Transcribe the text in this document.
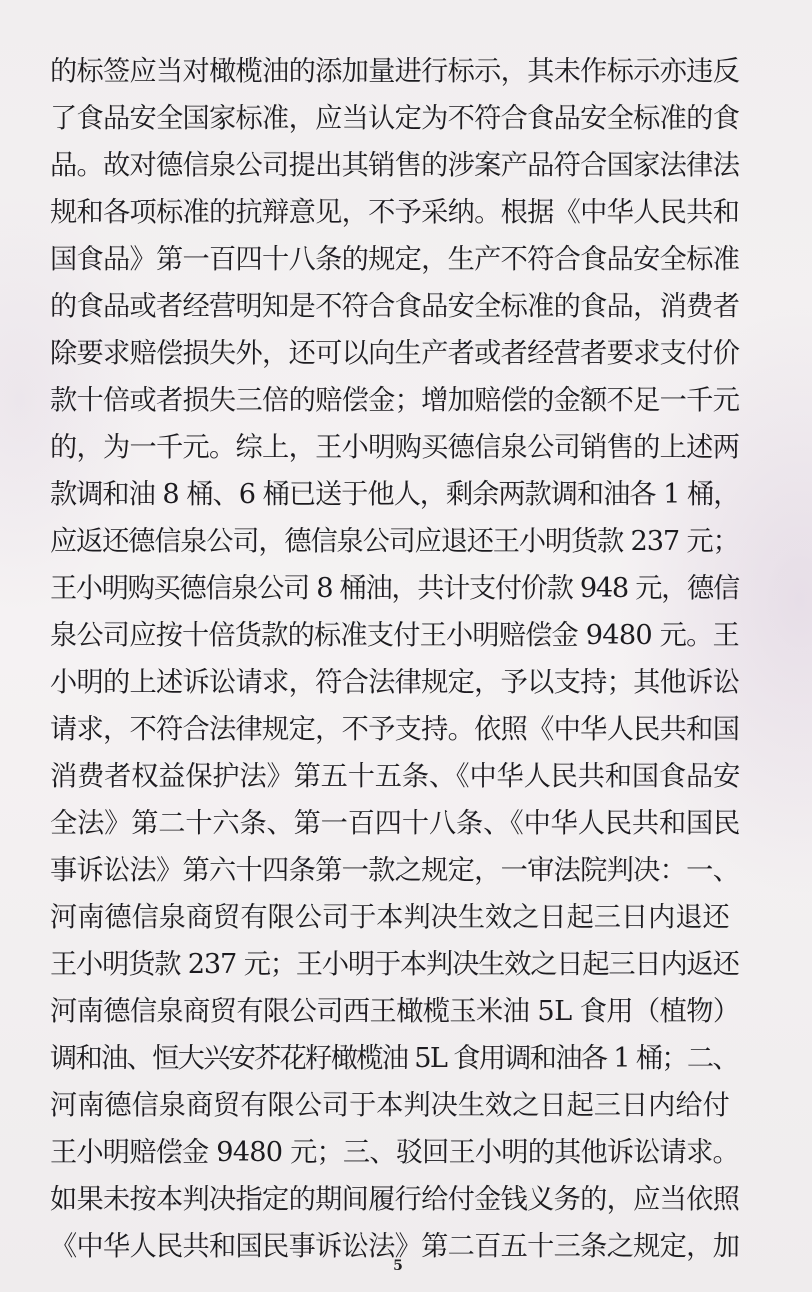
的标签应当对橄榄油的添加量进行标示，其未作标示亦违反
了食品安全国家标准，应当认定为不符合食品安全标准的食
品。故对德信泉公司提出其销售的涉案产品符合国家法律法
规和各项标准的抗辩意见，不予采纳。根据《中华人民共和
国食品》第一百四十八条的规定，生产不符合食品安全标准
的食品或者经营明知是不符合食品安全标准的食品，消费者
除要求赔偿损失外，还可以向生产者或者经营者要求支付价
款十倍或者损失三倍的赔偿金；增加赔偿的金额不足一千元
的，为一千元。综上，王小明购买德信泉公司销售的上述两
款调和油 8 桶、6 桶已送于他人，剩余两款调和油各 1 桶，
应返还德信泉公司，德信泉公司应退还王小明货款 237 元；
王小明购买德信泉公司 8 桶油，共计支付价款 948 元，德信
泉公司应按十倍货款的标准支付王小明赔偿金 9480 元。王
小明的上述诉讼请求，符合法律规定，予以支持；其他诉讼
请求，不符合法律规定，不予支持。依照《中华人民共和国
消费者权益保护法》第五十五条、《中华人民共和国食品安
全法》第二十六条、第一百四十八条、《中华人民共和国民
事诉讼法》第六十四条第一款之规定，一审法院判决：一、
河南德信泉商贸有限公司于本判决生效之日起三日内退还
王小明货款 237 元；王小明于本判决生效之日起三日内返还
河南德信泉商贸有限公司西王橄榄玉米油 5L 食用（植物）
调和油、恒大兴安芥花籽橄榄油 5L 食用调和油各 1 桶；二、
河南德信泉商贸有限公司于本判决生效之日起三日内给付
王小明赔偿金 9480 元；三、驳回王小明的其他诉讼请求。
如果未按本判决指定的期间履行给付金钱义务的，应当依照
《中华人民共和国民事诉讼法》第二百五十三条之规定，加
5
